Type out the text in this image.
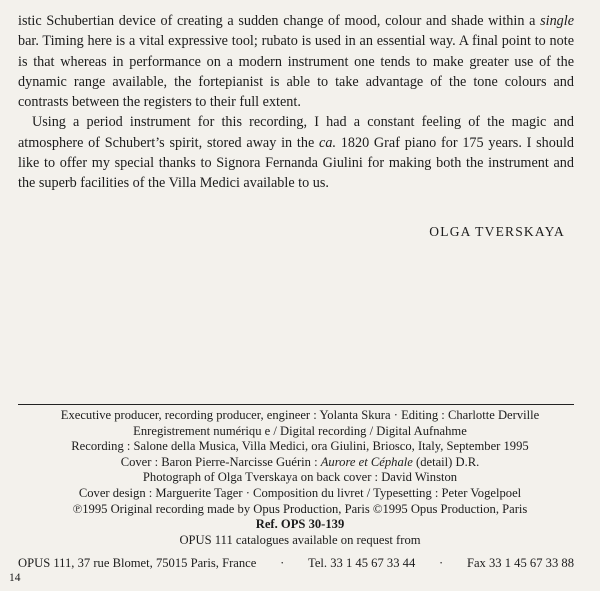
istic Schubertian device of creating a sudden change of mood, colour and shade within a single bar. Timing here is a vital expressive tool; rubato is used in an essential way. A final point to note is that whereas in performance on a modern instrument one tends to make greater use of the dynamic range available, the fortepianist is able to take advantage of the tone colours and contrasts between the registers to their full extent.

Using a period instrument for this recording, I had a constant feeling of the magic and atmosphere of Schubert’s spirit, stored away in the ca. 1820 Graf piano for 175 years. I should like to offer my special thanks to Signora Fernanda Giulini for making both the instrument and the superb facilities of the Villa Medici available to us.

OLGA TVERSKAYA
Executive producer, recording producer, engineer : Yolanta Skura · Editing : Charlotte Derville
Enregistrement numériqu e / Digital recording / Digital Aufnahme
Recording : Salone della Musica, Villa Medici, ora Giulini, Briosco, Italy, September 1995
Cover : Baron Pierre-Narcisse Guérin : Aurore et Céphale (detail) D.R.
Photograph of Olga Tverskaya on back cover : David Winston
Cover design : Marguerite Tager · Composition du livret / Typesetting : Peter Vogelpoel
℗1995 Original recording made by Opus Production, Paris ©1995 Opus Production, Paris
Ref. OPS 30-139
OPUS 111 catalogues available on request from
OPUS 111, 37 rue Blomet, 75015 Paris, France · Tel. 33 1 45 67 33 44 · Fax 33 1 45 67 33 88
14
